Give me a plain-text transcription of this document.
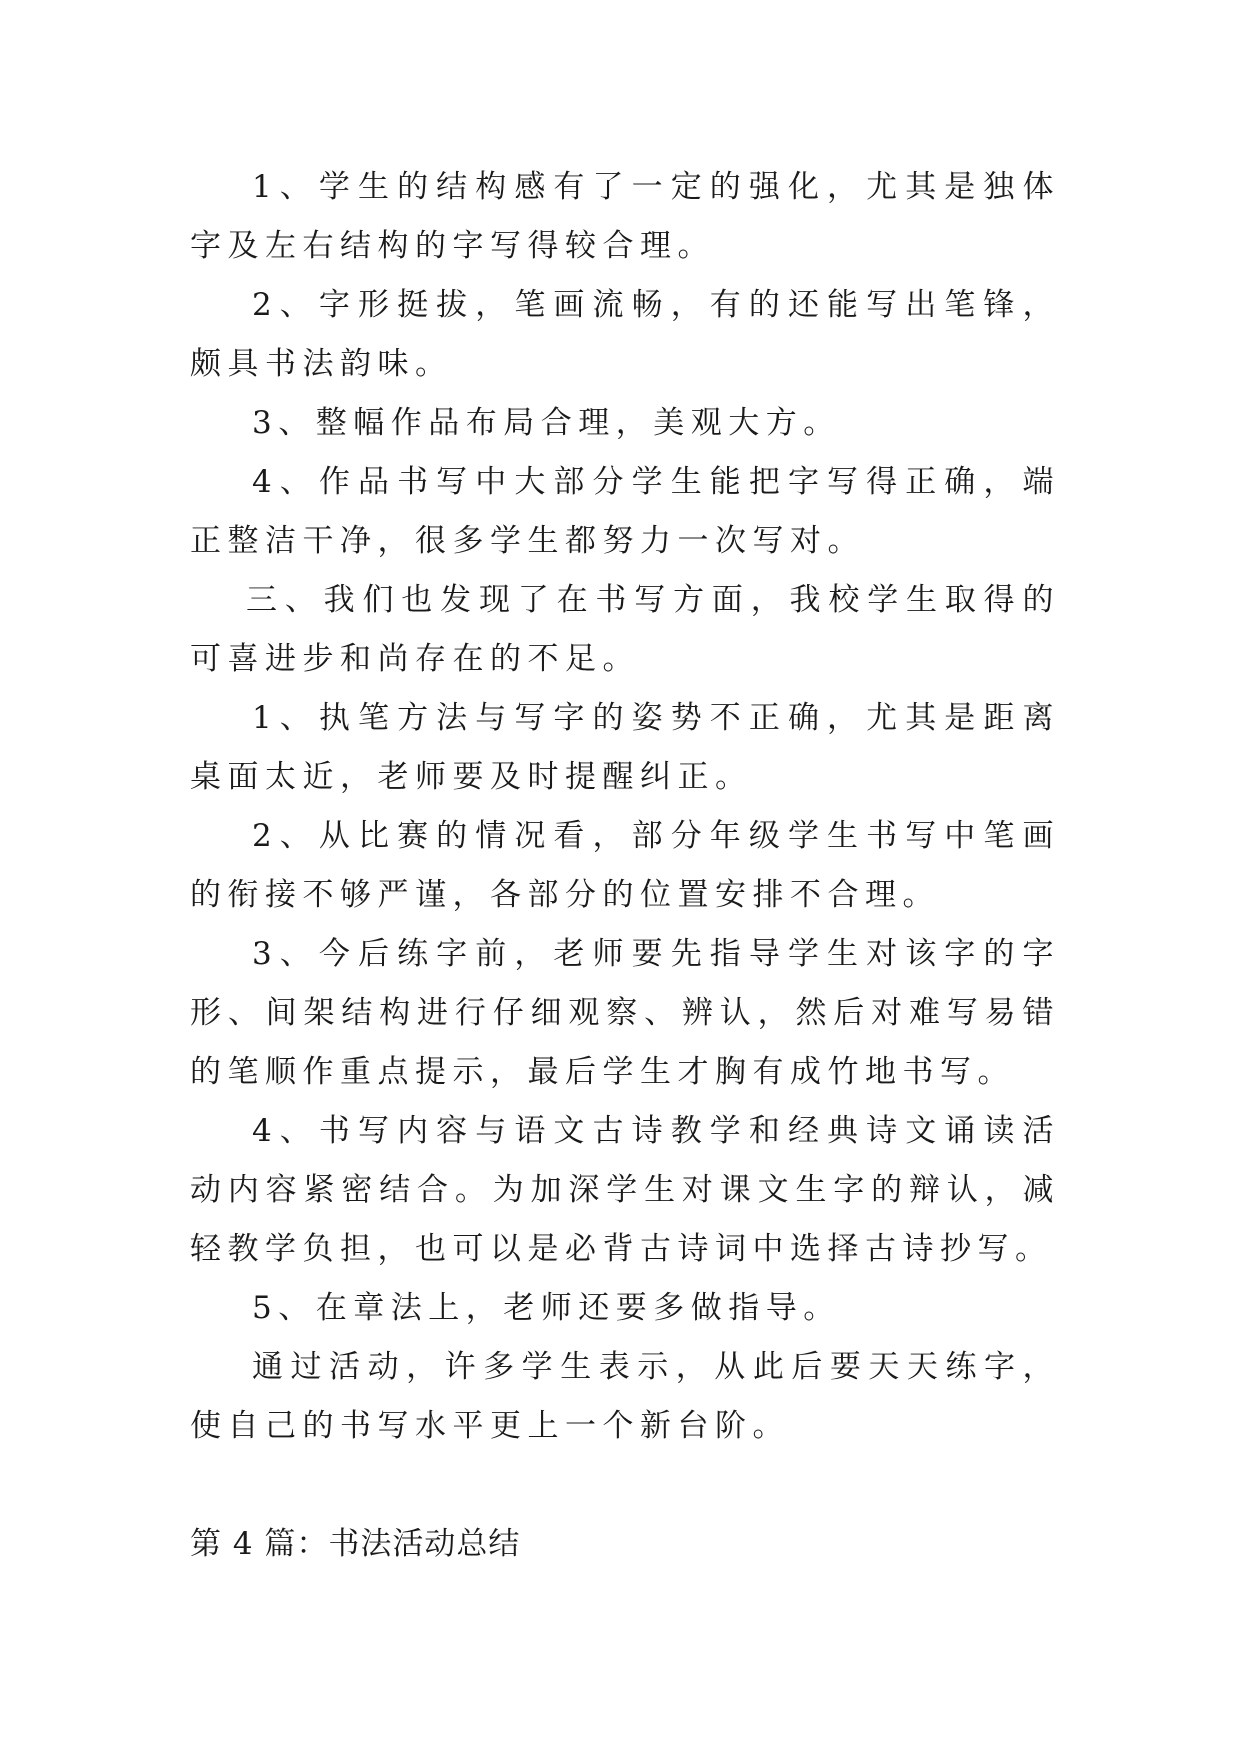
1、学生的结构感有了一定的强化，尤其是独体字及左右结构的字写得较合理。

2、字形挺拔，笔画流畅，有的还能写出笔锋，颇具书法韵味。

3、整幅作品布局合理，美观大方。

4、作品书写中大部分学生能把字写得正确，端正整洁干净，很多学生都努力一次写对。

三、我们也发现了在书写方面，我校学生取得的可喜进步和尚存在的不足。

1、执笔方法与写字的姿势不正确，尤其是距离桌面太近，老师要及时提醒纠正。

2、从比赛的情况看，部分年级学生书写中笔画的衔接不够严谨，各部分的位置安排不合理。

3、今后练字前，老师要先指导学生对该字的字形、间架结构进行仔细观察、辨认，然后对难写易错的笔顺作重点提示，最后学生才胸有成竹地书写。

4、书写内容与语文古诗教学和经典诗文诵读活动内容紧密结合。为加深学生对课文生字的辩认，减轻教学负担，也可以是必背古诗词中选择古诗抄写。

5、在章法上，老师还要多做指导。

通过活动，许多学生表示，从此后要天天练字，使自己的书写水平更上一个新台阶。

第 4 篇：书法活动总结
